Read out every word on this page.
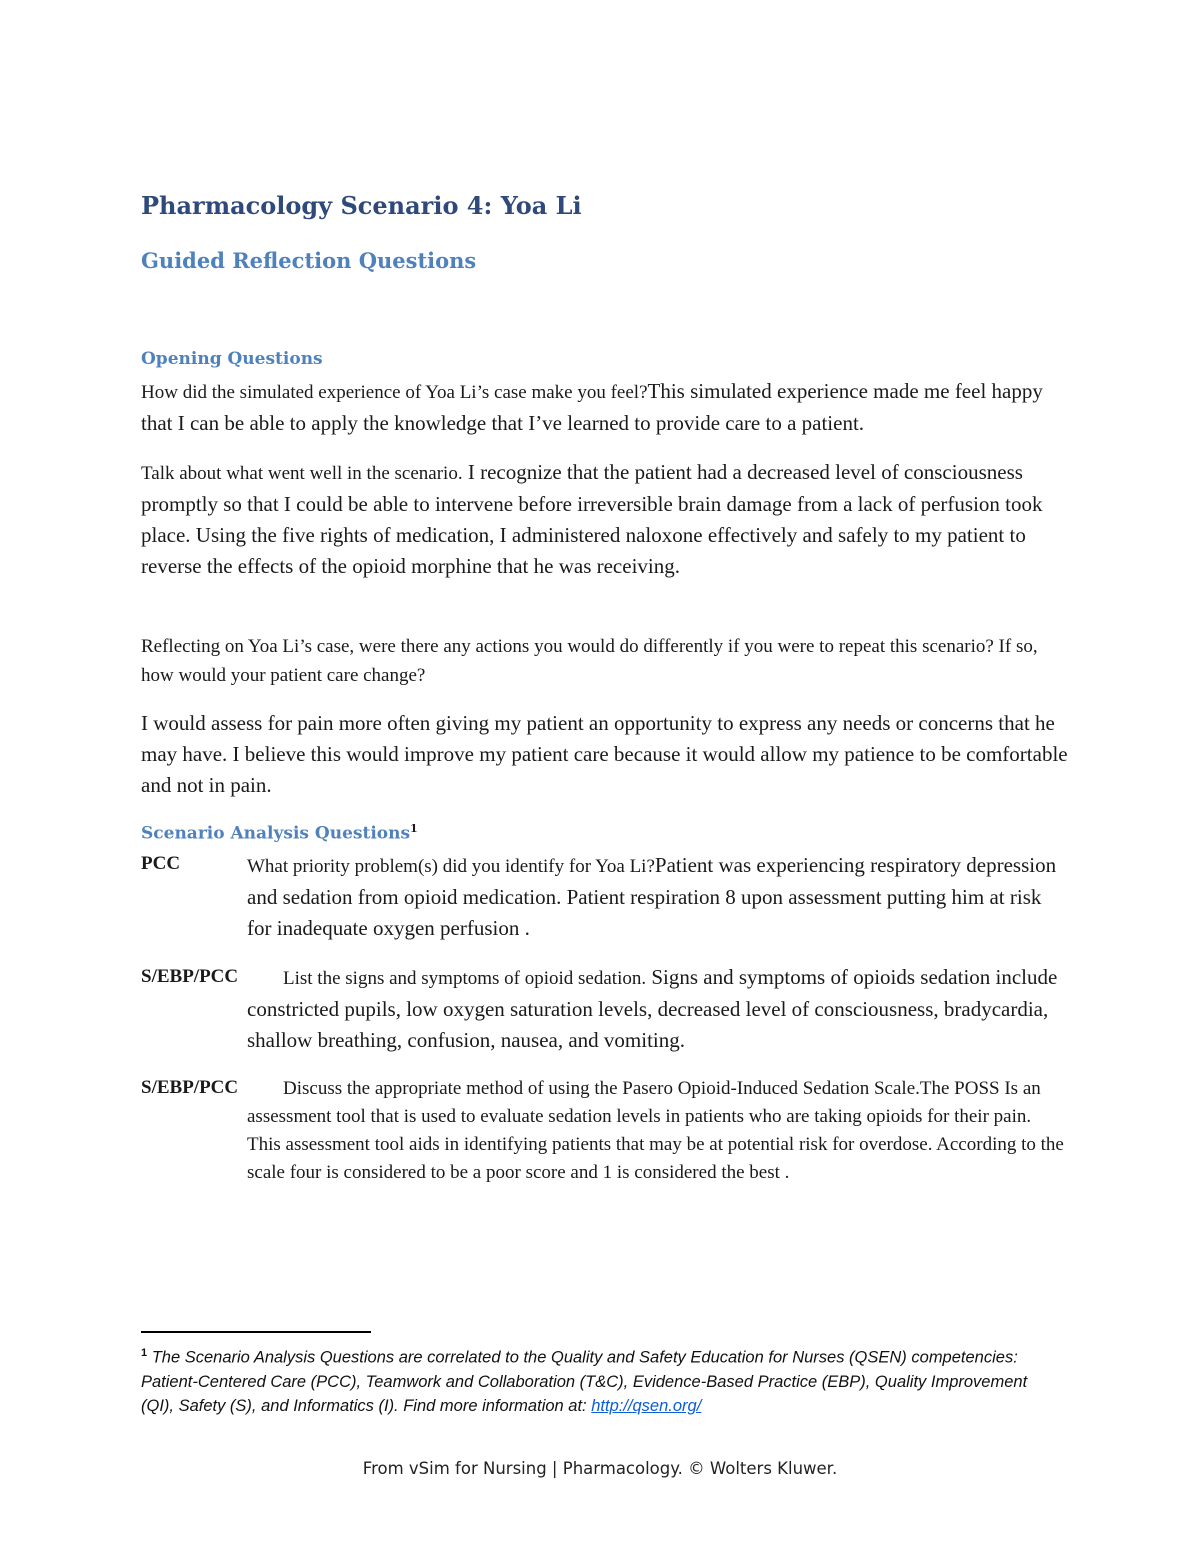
Pharmacology Scenario 4: Yoa Li
Guided Reflection Questions
Opening Questions
How did the simulated experience of Yoa Li’s case make you feel?This simulated experience made me feel happy that I can be able to apply the knowledge that I’ve learned to provide care to a patient.
Talk about what went well in the scenario. I recognize that the patient had a decreased level of consciousness promptly so that I could be able to intervene before irreversible brain damage from a lack of perfusion took place. Using the five rights of medication, I administered naloxone effectively and safely to my patient to reverse the effects of the opioid morphine that he was receiving.
Reflecting on Yoa Li’s case, were there any actions you would do differently if you were to repeat this scenario? If so, how would your patient care change?
I would assess for pain more often giving my patient an opportunity to express any needs or concerns that he may have. I believe this would improve my patient care because it would allow my patience to be comfortable and not in pain.
Scenario Analysis Questions$^1$
PCC	What priority problem(s) did you identify for Yoa Li?Patient was experiencing respiratory depression and sedation from opioid medication. Patient respiration 8 upon assessment putting him at risk for inadequate oxygen perfusion .
S/EBP/PCC	List the signs and symptoms of opioid sedation. Signs and symptoms of opioids sedation include constricted pupils, low oxygen saturation levels, decreased level of consciousness, bradycardia, shallow breathing, confusion, nausea, and vomiting.
S/EBP/PCC	Discuss the appropriate method of using the Pasero Opioid-Induced Sedation Scale.The POSS Is an assessment tool that is used to evaluate sedation levels in patients who are taking opioids for their pain. This assessment tool aids in identifying patients that may be at potential risk for overdose. According to the scale four is considered to be a poor score and 1 is considered the best .
$^1$ The Scenario Analysis Questions are correlated to the Quality and Safety Education for Nurses (QSEN) competencies: Patient-Centered Care (PCC), Teamwork and Collaboration (T&C), Evidence-Based Practice (EBP), Quality Improvement (QI), Safety (S), and Informatics (I). Find more information at: http://qsen.org/
From vSim for Nursing | Pharmacology. © Wolters Kluwer.
